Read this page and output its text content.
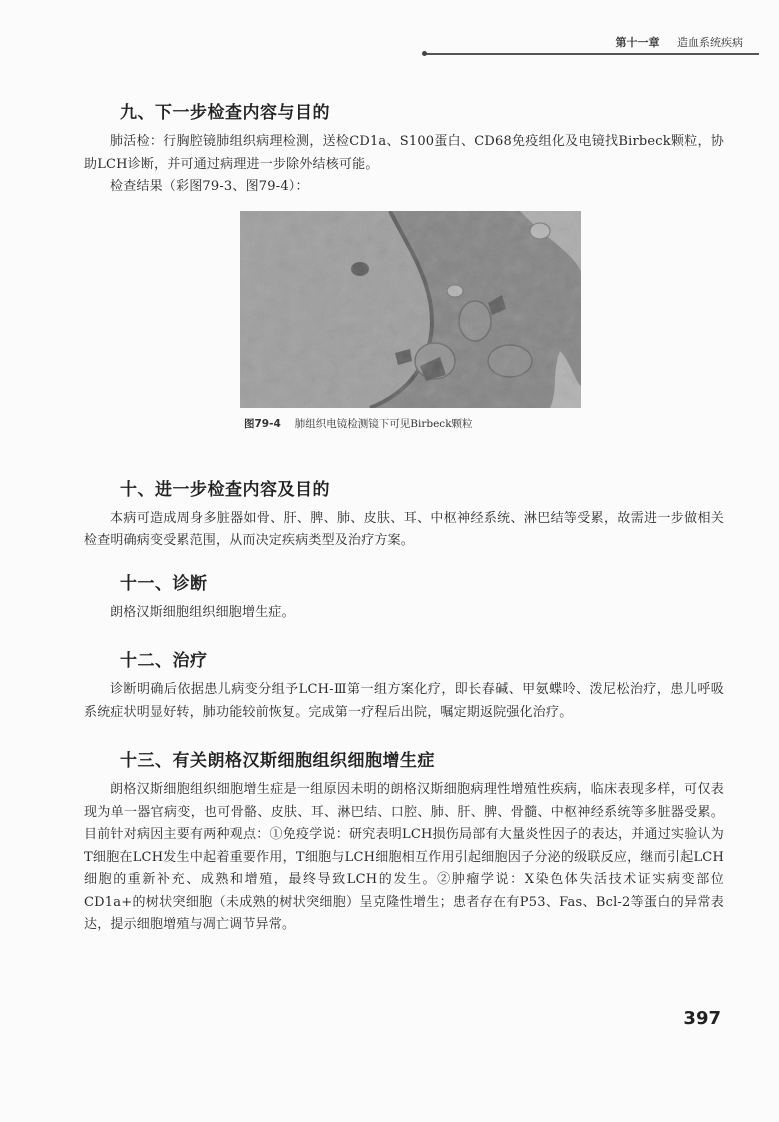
第十一章 造血系统疾病
九、下一步检查内容与目的

肺活检：行胸腔镜肺组织病理检测，送检CD1a、S100蛋白、CD68免疫组化及电镜找Birbeck颗粒，协助LCH诊断，并可通过病理进一步除外结核可能。

检查结果（彩图79-3、图79-4）：

图79-4 肺组织电镜检测镜下可见Birbeck颗粒
十、进一步检查内容及目的

本病可造成周身多脏器如骨、肝、脾、肺、皮肤、耳、中枢神经系统、淋巴结等受累，故需进一步做相关检查明确病变受累范围，从而决定疾病类型及治疗方案。

十一、诊断

朗格汉斯细胞组织细胞增生症。

十二、治疗

诊断明确后依据患儿病变分组予LCH-Ⅲ第一组方案化疗，即长春碱、甲氨蝶呤、泼尼松治疗，患儿呼吸系统症状明显好转，肺功能较前恢复。完成第一疗程后出院，嘱定期返院强化治疗。

十三、有关朗格汉斯细胞组织细胞增生症

朗格汉斯细胞组织细胞增生症是一组原因未明的朗格汉斯细胞病理性增殖性疾病，临床表现多样，可仅表现为单一器官病变，也可骨骼、皮肤、耳、淋巴结、口腔、肺、肝、脾、骨髓、中枢神经系统等多脏器受累。目前针对病因主要有两种观点：①免疫学说：研究表明LCH损伤局部有大量炎性因子的表达，并通过实验认为T细胞在LCH发生中起着重要作用，T细胞与LCH细胞相互作用引起细胞因子分泌的级联反应，继而引起LCH细胞的重新补充、成熟和增殖，最终导致LCH的发生。②肿瘤学说：X染色体失活技术证实病变部位CD1a+的树状突细胞（未成熟的树状突细胞）呈克隆性增生；患者存在有P53、Fas、Bcl-2等蛋白的异常表达，提示细胞增殖与凋亡调节异常。

397
